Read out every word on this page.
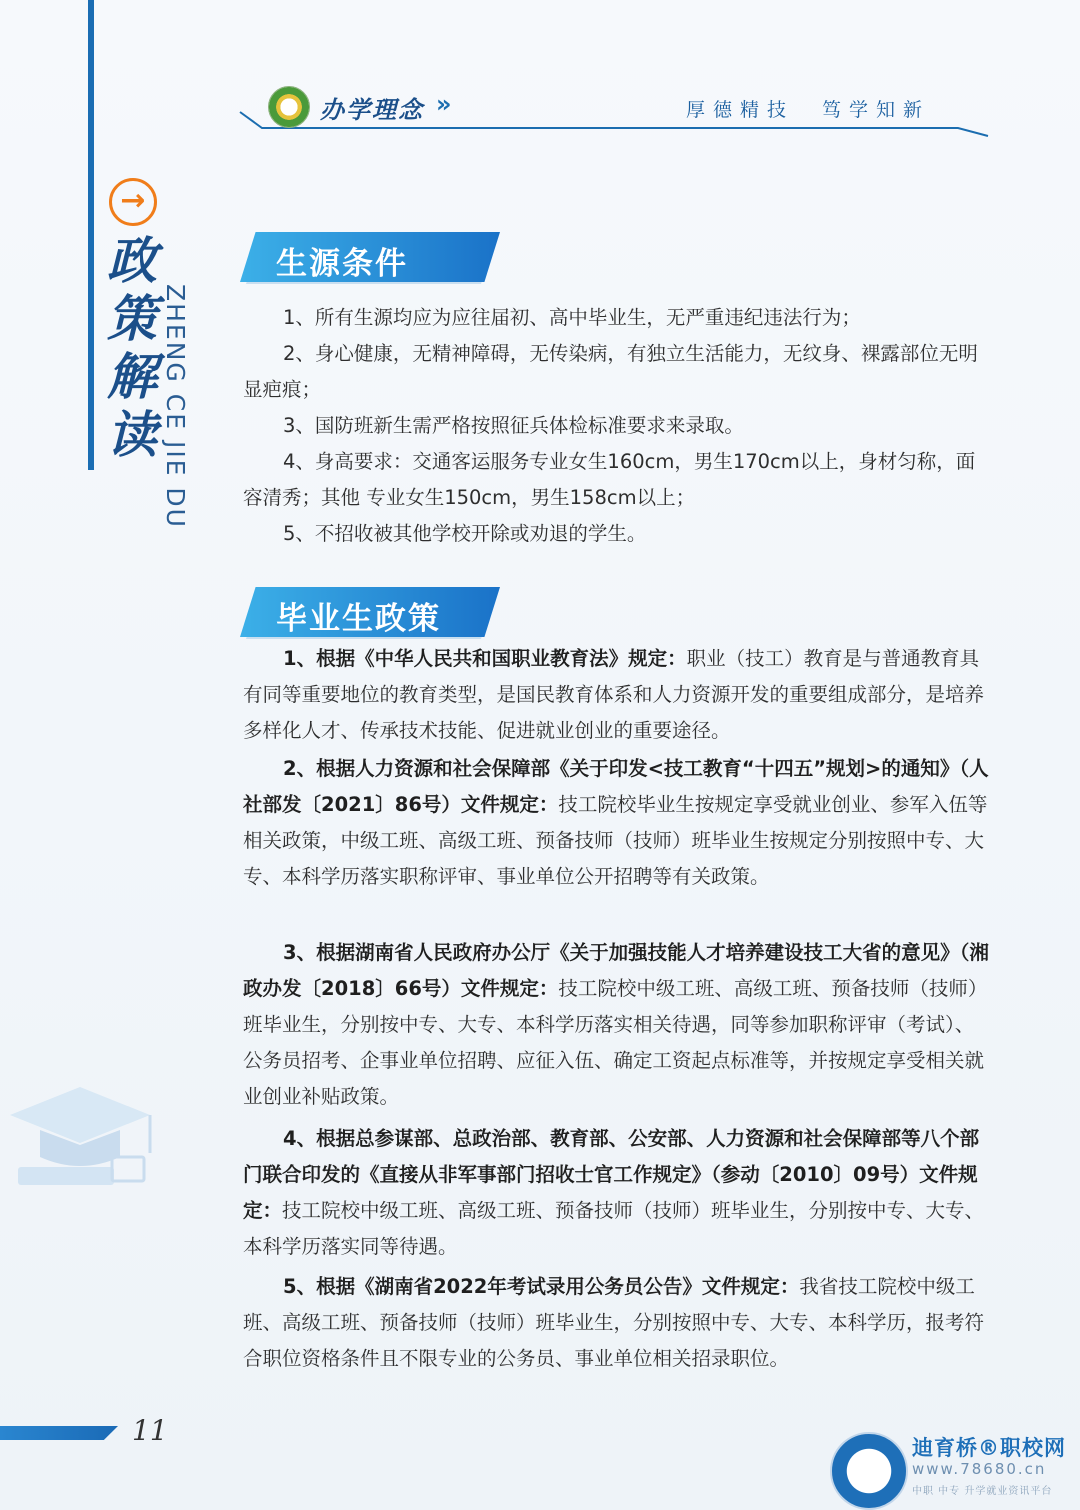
办学理念 »	厚德精技 笃学知新
→
政
策
解
读 ZHENG CE JIE DU
生源条件
1、所有生源均应为应往届初、高中毕业生，无严重违纪违法行为；
2、身心健康，无精神障碍，无传染病，有独立生活能力，无纹身、裸露部位无明显疤痕；
3、国防班新生需严格按照征兵体检标准要求来录取。
4、身高要求：交通客运服务专业女生160cm，男生170cm以上，身材匀称，面容清秀；其他 专业女生150cm，男生158cm以上；
5、不招收被其他学校开除或劝退的学生。
毕业生政策
1、根据《中华人民共和国职业教育法》规定：职业（技工）教育是与普通教育具有同等重要地位的教育类型，是国民教育体系和人力资源开发的重要组成部分，是培养多样化人才、传承技术技能、促进就业创业的重要途径。
2、根据人力资源和社会保障部《关于印发<技工教育“十四五”规划>的通知》（人社部发〔2021〕86号）文件规定：技工院校毕业生按规定享受就业创业、参军入伍等相关政策，中级工班、高级工班、预备技师（技师）班毕业生按规定分别按照中专、大专、本科学历落实职称评审、事业单位公开招聘等有关政策。
3、根据湖南省人民政府办公厅《关于加强技能人才培养建设技工大省的意见》（湘政办发〔2018〕66号）文件规定：技工院校中级工班、高级工班、预备技师（技师）班毕业生，分别按中专、大专、本科学历落实相关待遇，同等参加职称评审（考试）、公务员招考、企事业单位招聘、应征入伍、确定工资起点标准等，并按规定享受相关就业创业补贴政策。
4、根据总参谋部、总政治部、教育部、公安部、人力资源和社会保障部等八个部门联合印发的《直接从非军事部门招收士官工作规定》（参动〔2010〕09号）文件规定：技工院校中级工班、高级工班、预备技师（技师）班毕业生，分别按中专、大专、本科学历落实同等待遇。
5、根据《湖南省2022年考试录用公务员公告》文件规定：我省技工院校中级工班、高级工班、预备技师（技师）班毕业生，分别按照中专、大专、本科学历，报考符合职位资格条件且不限专业的公务员、事业单位相关招录职位。
11
迪育桥®职校网
www.78680.cn
中职 中专 升学就业资讯平台
